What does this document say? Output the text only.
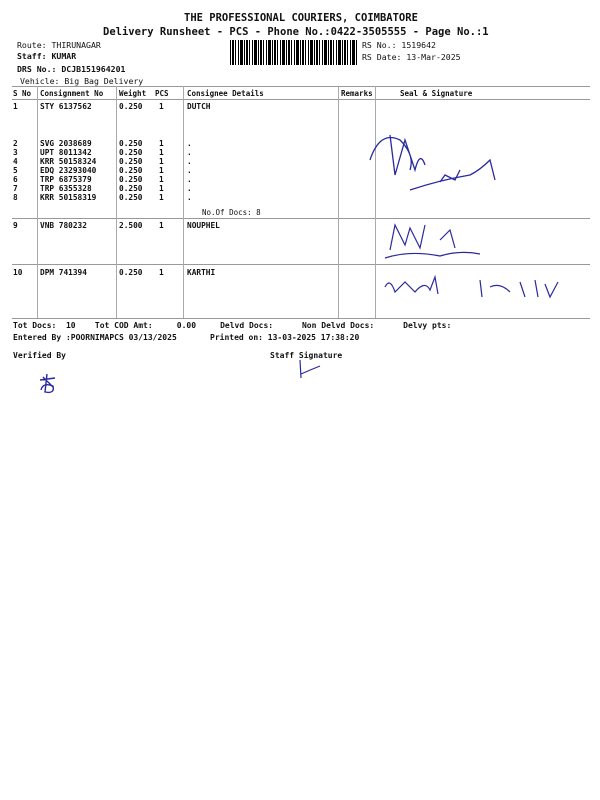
THE PROFESSIONAL COURIERS, COIMBATORE
Delivery Runsheet - PCS - Phone No.:0422-3505555 - Page No.:1
Route: THIRUNAGAR
Staff: KUMAR
DRS No.: DCJB151964201
Vehicle: Big Bag Delivery
RS No.: 1519642
RS Date: 13-Mar-2025
S No Consignment No Weight PCS Consignee Details	Remarks	Seal & Signature
1	STY 6137562	0.250 1	DUTCH
2	SVG 2038689	0.250 1	.
3	UPT 8011342	0.250 1	.
4	KRR 50158324	0.250 1	.
5	EDQ 23293040	0.250 1	.
6	TRP 6875379	0.250 1	.
7	TRP 6355328	0.250 1	.
8	KRR 50158319	0.250 1	.
9	VNB 780232	2.500 1	NOUPHEL
10 DPM 741394	0.250 1	KARTHI
No.Of Docs: 8
Tot Docs:  10    Tot COD Amt:     0.00     Delvd Docs:      Non Delvd Docs:      Delvy pts:
Entered By :POORNIMAPCS 03/13/2025	Printed on: 13-03-2025 17:38:20
Verified By	Staff Signature
